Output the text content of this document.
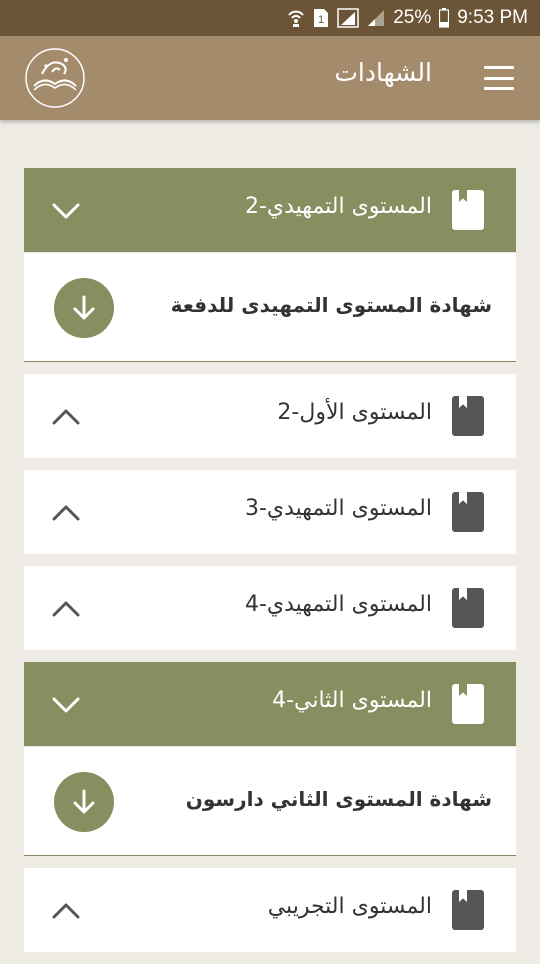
1	25% 9:53 PM
الشهادات
المستوى التمهيدي-2
شهادة المستوى التمهيدى للدفعة
المستوى الأول-2
المستوى التمهيدي-3
المستوى التمهيدي-4
المستوى الثاني-4
شهادة المستوى الثاني دارسون
المستوى التجريبي
